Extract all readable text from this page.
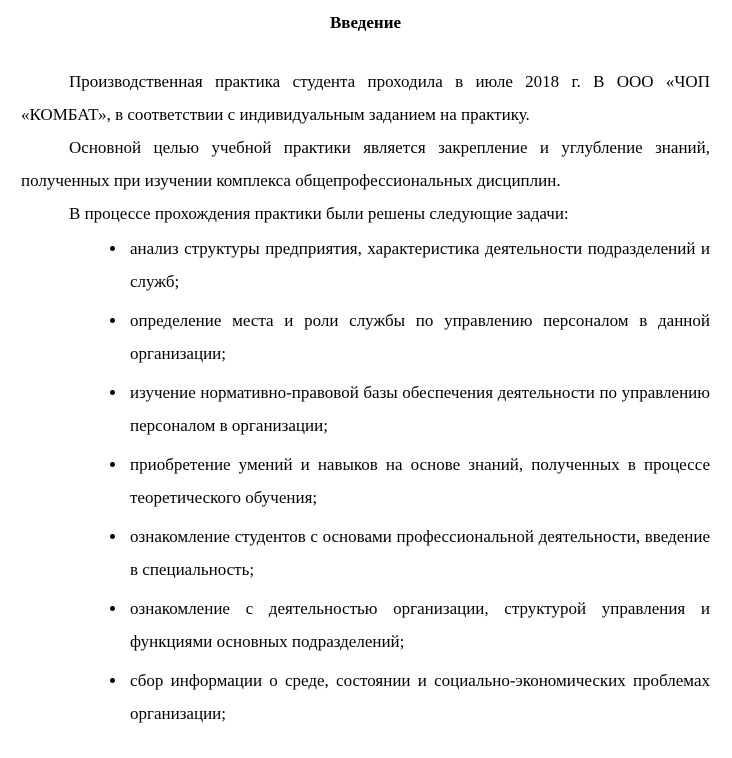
Введение

Производственная практика студента проходила в июле 2018 г. В ООО «ЧОП «КОМБАТ», в соответствии с индивидуальным заданием на практику.

Основной целью учебной практики является закрепление и углубление знаний, полученных при изучении комплекса общепрофессиональных дисциплин.

В процессе прохождения практики были решены следующие задачи:

• анализ структуры предприятия, характеристика деятельности подразделений и служб;
• определение места и роли службы по управлению персоналом в данной организации;
• изучение нормативно-правовой базы обеспечения деятельности по управлению персоналом в организации;
• приобретение умений и навыков на основе знаний, полученных в процессе теоретического обучения;
• ознакомление студентов с основами профессиональной деятельности, введение в специальность;
• ознакомление с деятельностью организации, структурой управления и функциями основных подразделений;
• сбор информации о среде, состоянии и социально-экономических проблемах организации;
